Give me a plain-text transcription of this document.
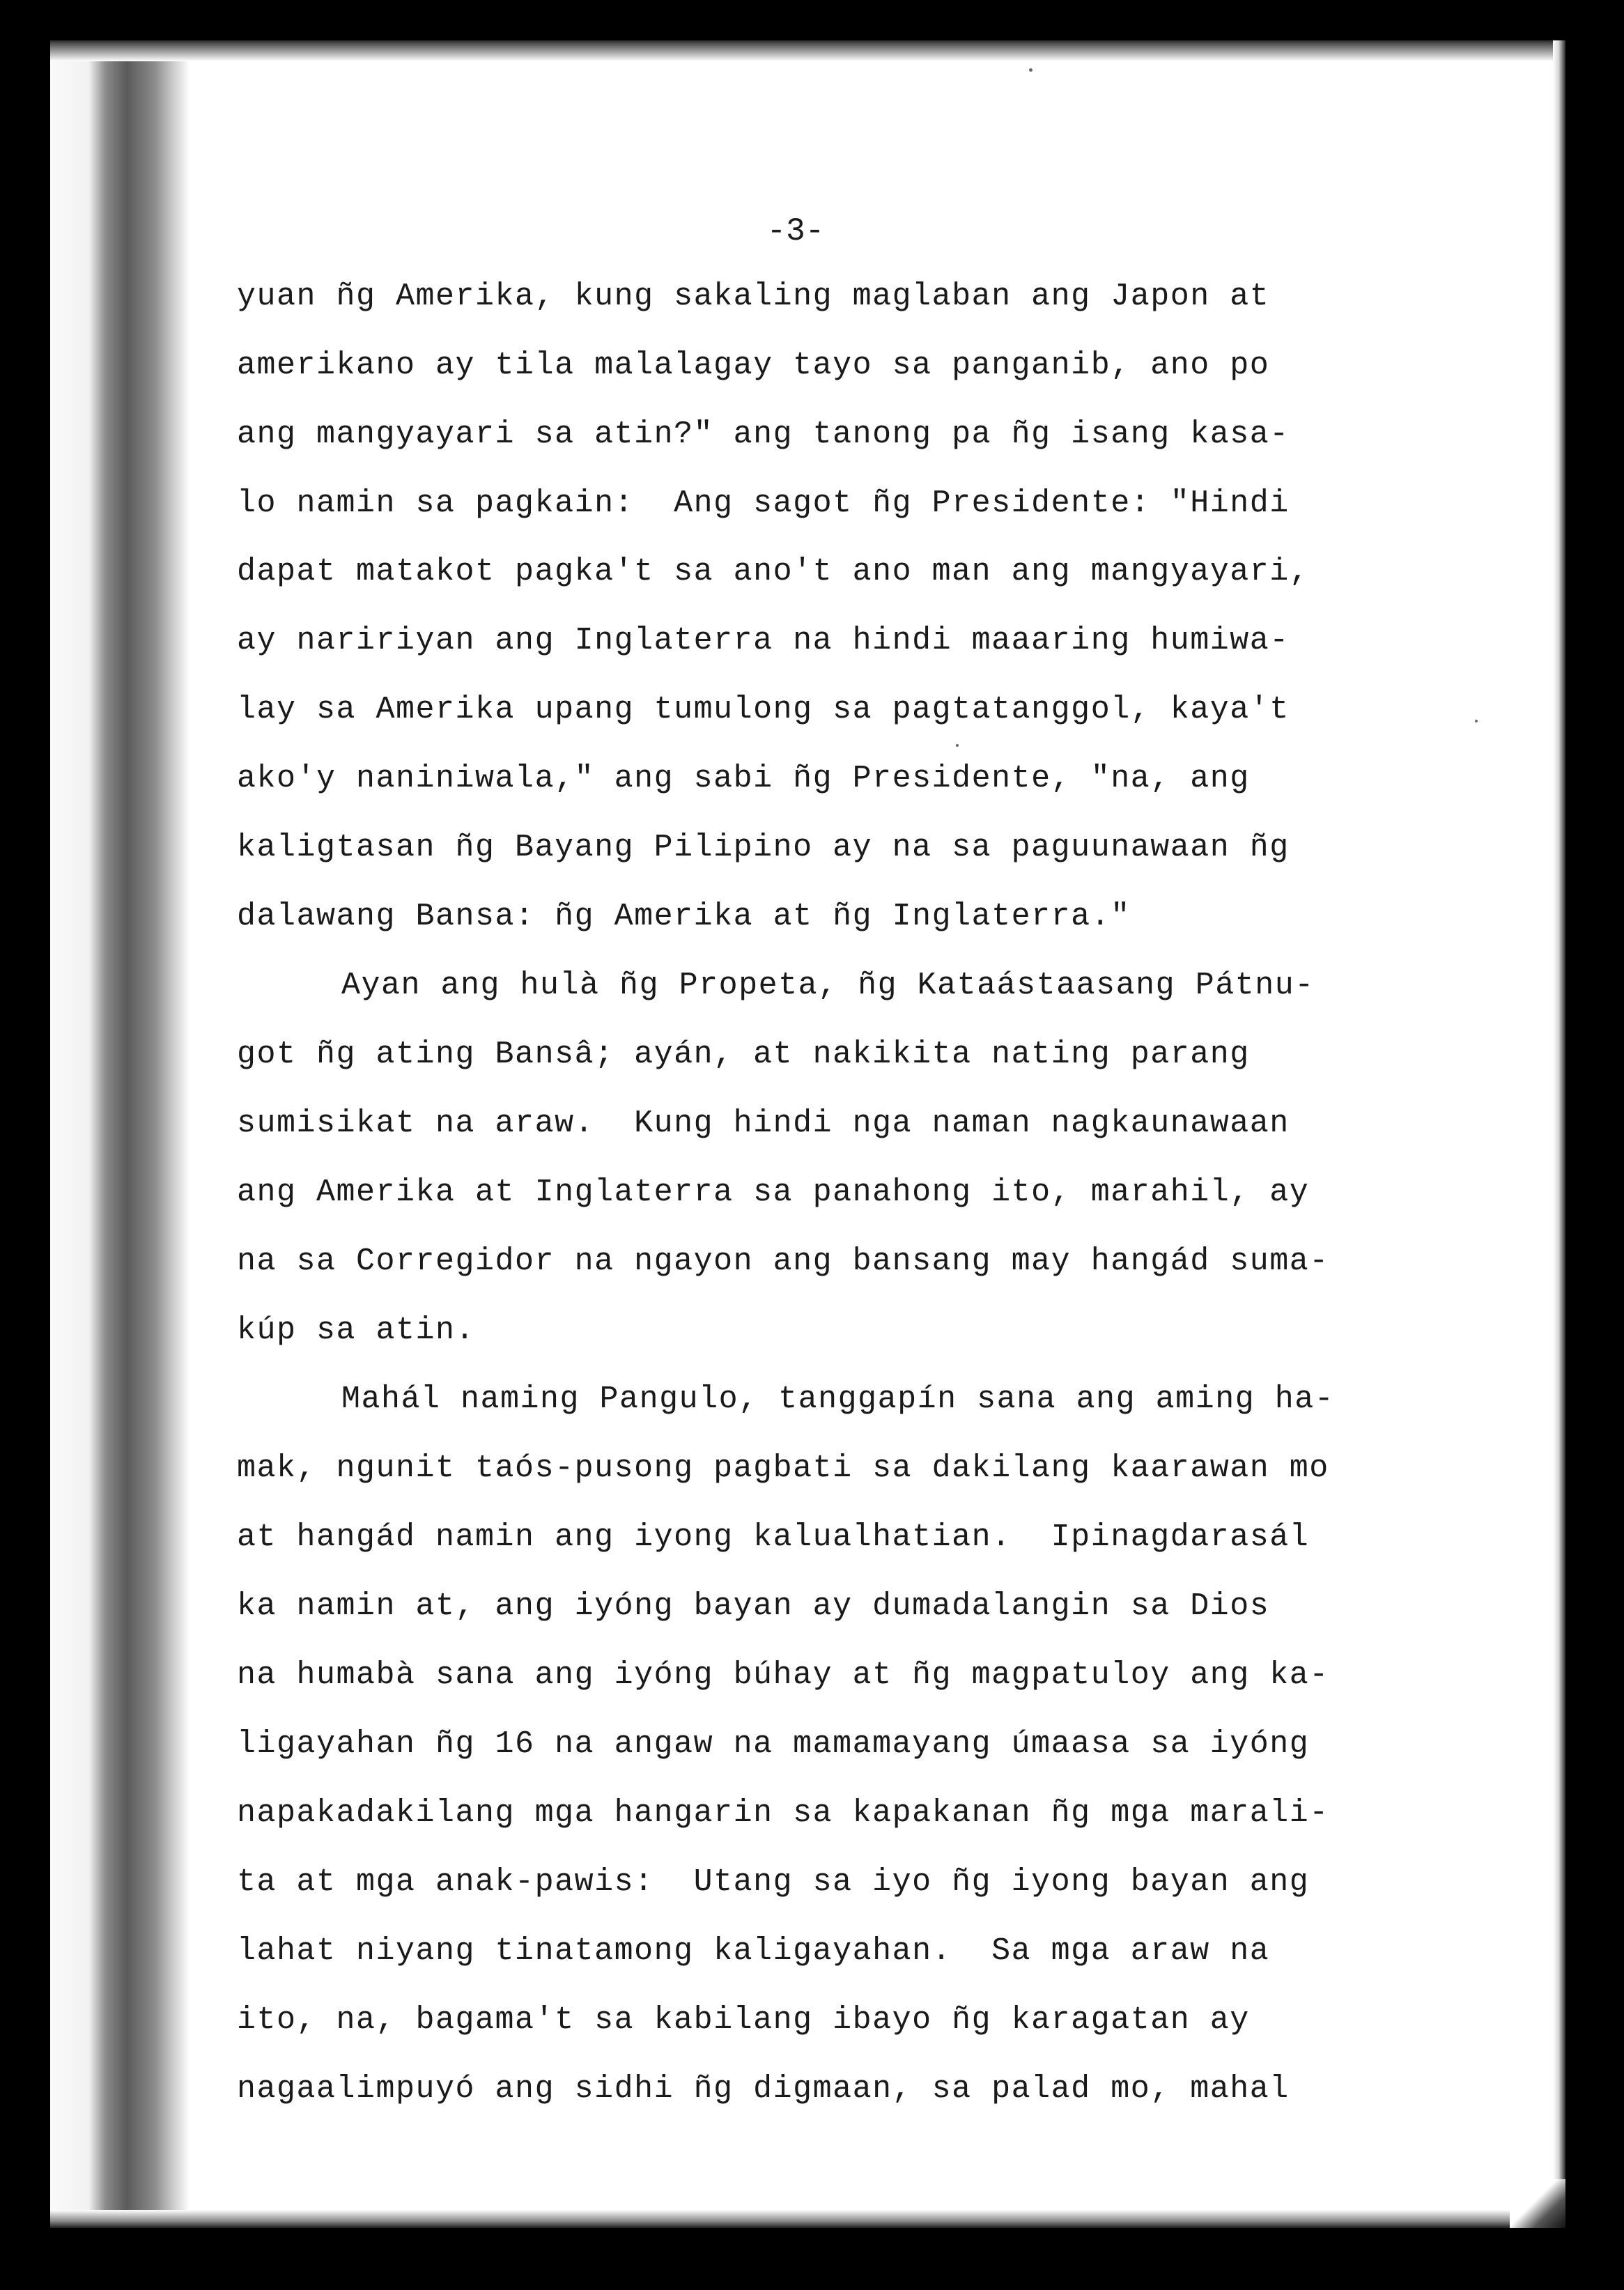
-3-
yuan ñg Amerika, kung sakaling maglaban ang Japon at
amerikano ay tila malalagay tayo sa panganib, ano po
ang mangyayari sa atin?" ang tanong pa ñg isang kasa-
lo namin sa pagkain:  Ang sagot ñg Presidente: "Hindi
dapat matakot pagka't sa ano't ano man ang mangyayari,
ay naririyan ang Inglaterra na hindi maaaring humiwa-
lay sa Amerika upang tumulong sa pagtatanggol, kaya't
ako'y naniniwala," ang sabi ñg Presidente, "na, ang
kaligtasan ñg Bayang Pilipino ay na sa paguunawaan ñg
dalawang Bansa: ñg Amerika at ñg Inglaterra."
Ayan ang hulà ñg Propeta, ñg Kataástaasang Pátnu-
got ñg ating Bansâ; ayán, at nakikita nating parang
sumisikat na araw.  Kung hindi nga naman nagkaunawaan
ang Amerika at Inglaterra sa panahong ito, marahil, ay
na sa Corregidor na ngayon ang bansang may hangád suma-
kúp sa atin.
Mahál naming Pangulo, tanggapín sana ang aming ha-
mak, ngunit taós-pusong pagbati sa dakilang kaarawan mo
at hangád namin ang iyong kalualhatian.  Ipinagdarasál
ka namin at, ang iyóng bayan ay dumadalangin sa Dios
na humabà sana ang iyóng búhay at ñg magpatuloy ang ka-
ligayahan ñg 16 na angaw na mamamayang úmaasa sa iyóng
napakadakilang mga hangarin sa kapakanan ñg mga marali-
ta at mga anak-pawis:  Utang sa iyo ñg iyong bayan ang
lahat niyang tinatamong kaligayahan.  Sa mga araw na
ito, na, bagama't sa kabilang ibayo ñg karagatan ay
nagaalimpuyó ang sidhi ñg digmaan, sa palad mo, mahal
